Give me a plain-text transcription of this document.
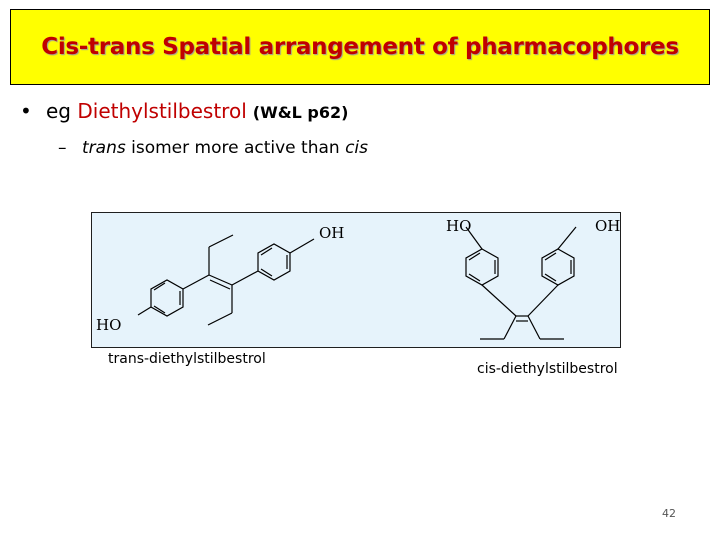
Cis-trans Spatial arrangement of pharmacophores
• eg
Diethylstilbestrol (W&L p62)
– trans
isomer more active than
cis
OH
HO
HO	OH
trans-diethylstilbestrol
cis-diethylstilbestrol
42
